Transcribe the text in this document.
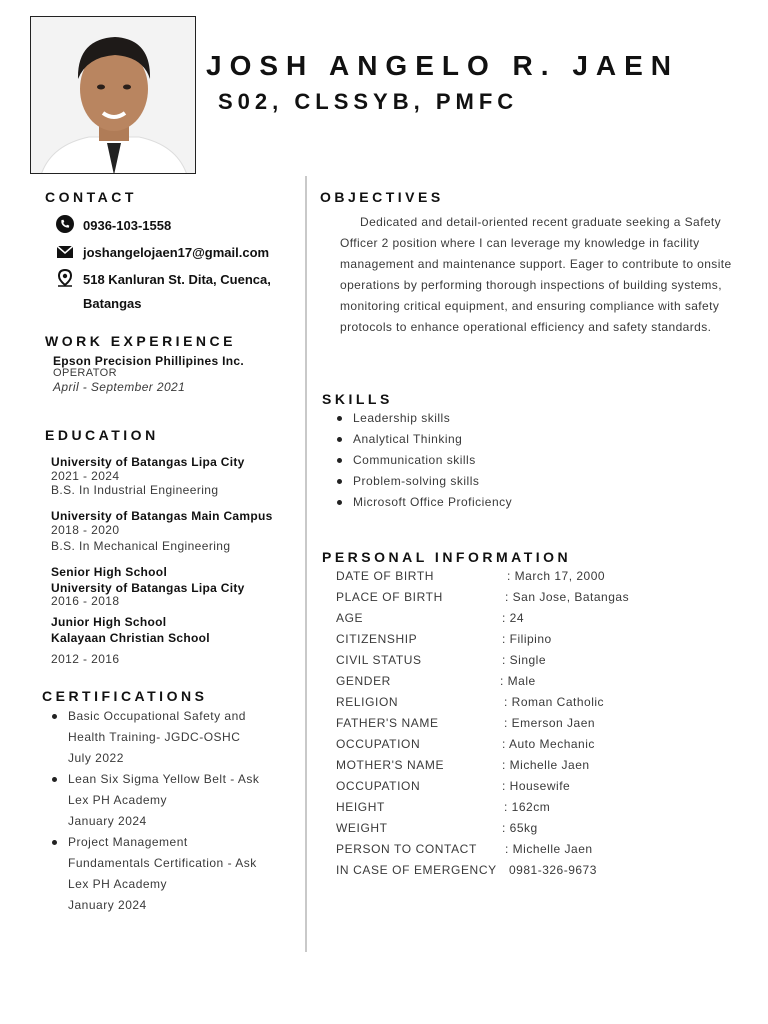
JOSH ANGELO R. JAEN
S02, CLSSYB, PMFC
CONTACT
0936-103-1558
joshangelojaen17@gmail.com
518 Kanluran St. Dita, Cuenca,
Batangas
WORK EXPERIENCE
Epson Precision Phillipines Inc.
OPERATOR
April - September 2021
EDUCATION
University of Batangas Lipa City
2021 - 2024
B.S. In Industrial Engineering
University of Batangas Main Campus
2018 - 2020
B.S. In Mechanical Engineering
Senior High School
University of Batangas Lipa City
2016 - 2018
Junior High School
Kalayaan Christian School
2012 - 2016
CERTIFICATIONS
Basic Occupational Safety and
Health Training- JGDC-OSHC
July 2022
Lean Six Sigma Yellow Belt - Ask
Lex PH Academy
January 2024
Project Management
Fundamentals Certification - Ask
Lex PH Academy
January 2024
OBJECTIVES
Dedicated and detail-oriented recent graduate seeking a Safety Officer 2 position where I can leverage my knowledge in facility management and maintenance support. Eager to contribute to onsite operations by performing thorough inspections of building systems, monitoring critical equipment, and ensuring compliance with safety protocols to enhance operational efficiency and safety standards.
SKILLS
Leadership skills
Analytical Thinking
Communication skills
Problem-solving skills
Microsoft Office Proficiency
PERSONAL INFORMATION
DATE OF BIRTH	: March 17, 2000
PLACE OF BIRTH	: San Jose, Batangas
AGE	: 24
CITIZENSHIP	: Filipino
CIVIL STATUS	: Single
GENDER	: Male
RELIGION	: Roman Catholic
FATHER'S NAME	: Emerson Jaen
OCCUPATION	: Auto Mechanic
MOTHER'S NAME	: Michelle Jaen
OCCUPATION	: Housewife
HEIGHT	: 162cm
WEIGHT	: 65kg
PERSON TO CONTACT : Michelle Jaen
IN CASE OF EMERGENCY 0981-326-9673
